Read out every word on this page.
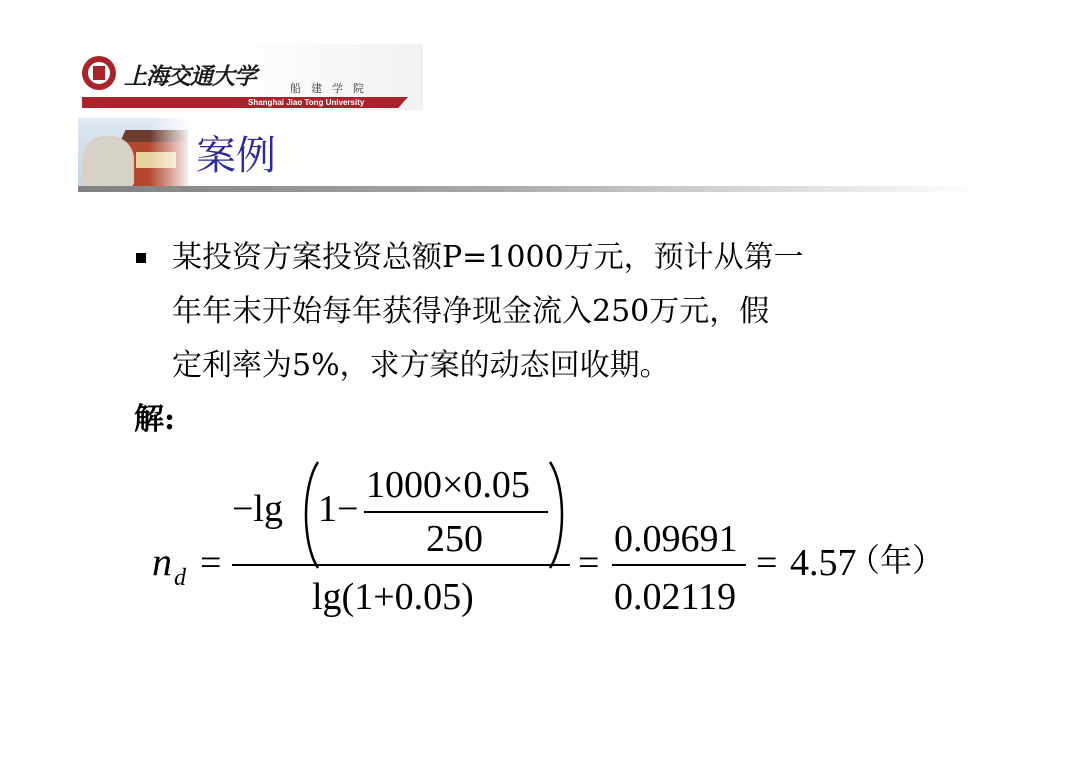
上海交通大学	船建学院
Shanghai Jiao Tong University
案例
某投资方案投资总额P=1000万元，预计从第一
年年末开始每年获得净现金流入250万元，假
定利率为5%，求方案的动态回收期。
解:
n d =
−lg 1−
1000×0.05
250
lg(1+0.05)
=
0.09691
0.02119
= 4.57
（年）
